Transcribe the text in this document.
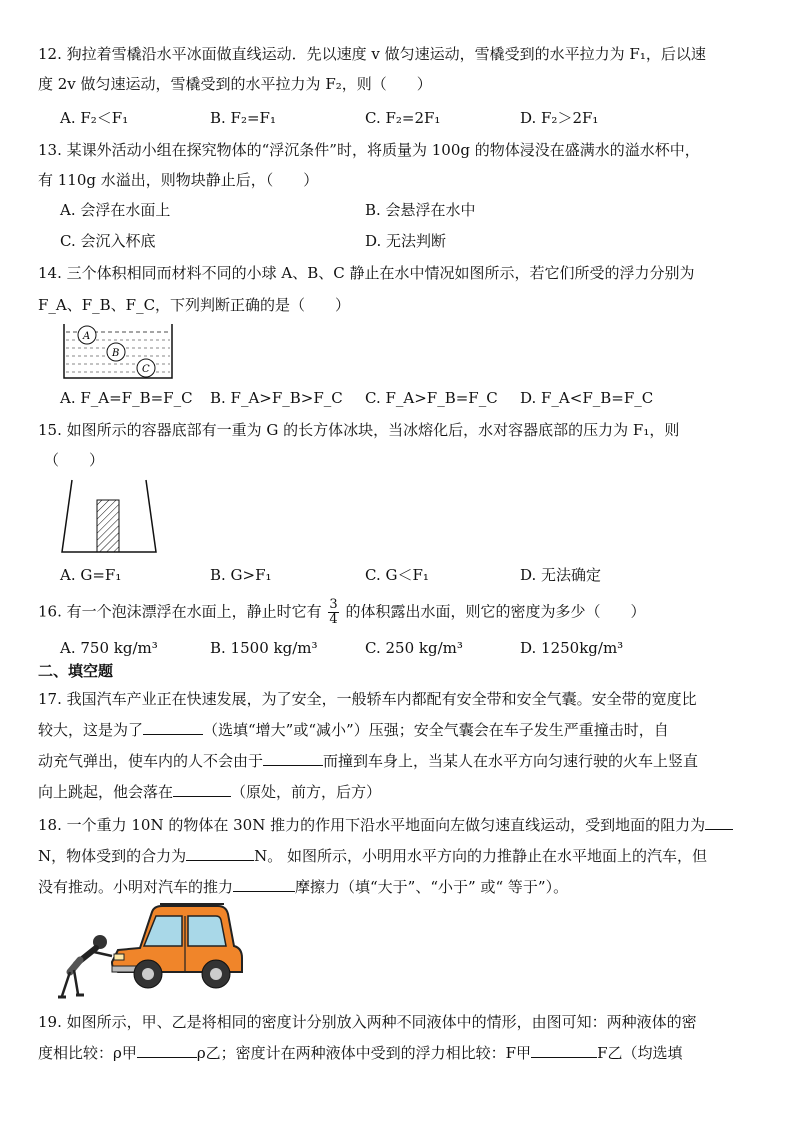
12. 狗拉着雪橇沿水平冰面做直线运动．先以速度 v 做匀速运动，雪橇受到的水平拉力为 F₁，后以速
度 2v 做匀速运动，雪橇受到的水平拉力为 F₂，则（　　）
A. F₂＜F₁	B. F₂=F₁	C. F₂=2F₁	D. F₂＞2F₁
13. 某课外活动小组在探究物体的“浮沉条件”时，将质量为 100g 的物体浸没在盛满水的溢水杯中，
有 110g 水溢出，则物块静止后，（　　）
A. 会浮在水面上	B. 会悬浮在水中
C. 会沉入杯底	D. 无法判断
14. 三个体积相同而材料不同的小球 A、B、C 静止在水中情况如图所示，若它们所受的浮力分别为
F_A、F_B、F_C，下列判断正确的是（　　）
A
B
C
A. F_A=F_B=F_C B. F_A>F_B>F_C C. F_A>F_B=F_C D. F_A<F_B=F_C
15. 如图所示的容器底部有一重为 G 的长方体冰块，当冰熔化后，水对容器底部的压力为 F₁，则
（　　）
A. G=F₁	B. G>F₁	C. G＜F₁	D. 无法确定
16. 有一个泡沫漂浮在水面上，静止时它有 $\frac{3}{4}$ 的体积露出水面，则它的密度为多少（　　）
A. 750 kg/m³	B. 1500 kg/m³	C. 250 kg/m³	D. 1250kg/m³
二、填空题
17. 我国汽车产业正在快速发展，为了安全，一般轿车内都配有安全带和安全气囊。安全带的宽度比
较大，这是为了	（选填“增大”或“减小”）压强；安全气囊会在车子发生严重撞击时，自
动充气弹出，使车内的人不会由于	而撞到车身上，当某人在水平方向匀速行驶的火车上竖直
向上跳起，他会落在	（原处，前方，后方）
18. 一个重力 10N 的物体在 30N 推力的作用下沿水平地面向左做匀速直线运动，受到地面的阻力为
N，物体受到的合力为	N。 如图所示，小明用水平方向的力推静止在水平地面上的汽车，但
没有推动。小明对汽车的推力	摩擦力（填“大于”、“小于” 或“ 等于”）。
19. 如图所示，甲、乙是将相同的密度计分别放入两种不同液体中的情形，由图可知：两种液体的密
度相比较：ρ甲	ρ乙；密度计在两种液体中受到的浮力相比较：F甲	F乙（均选填
